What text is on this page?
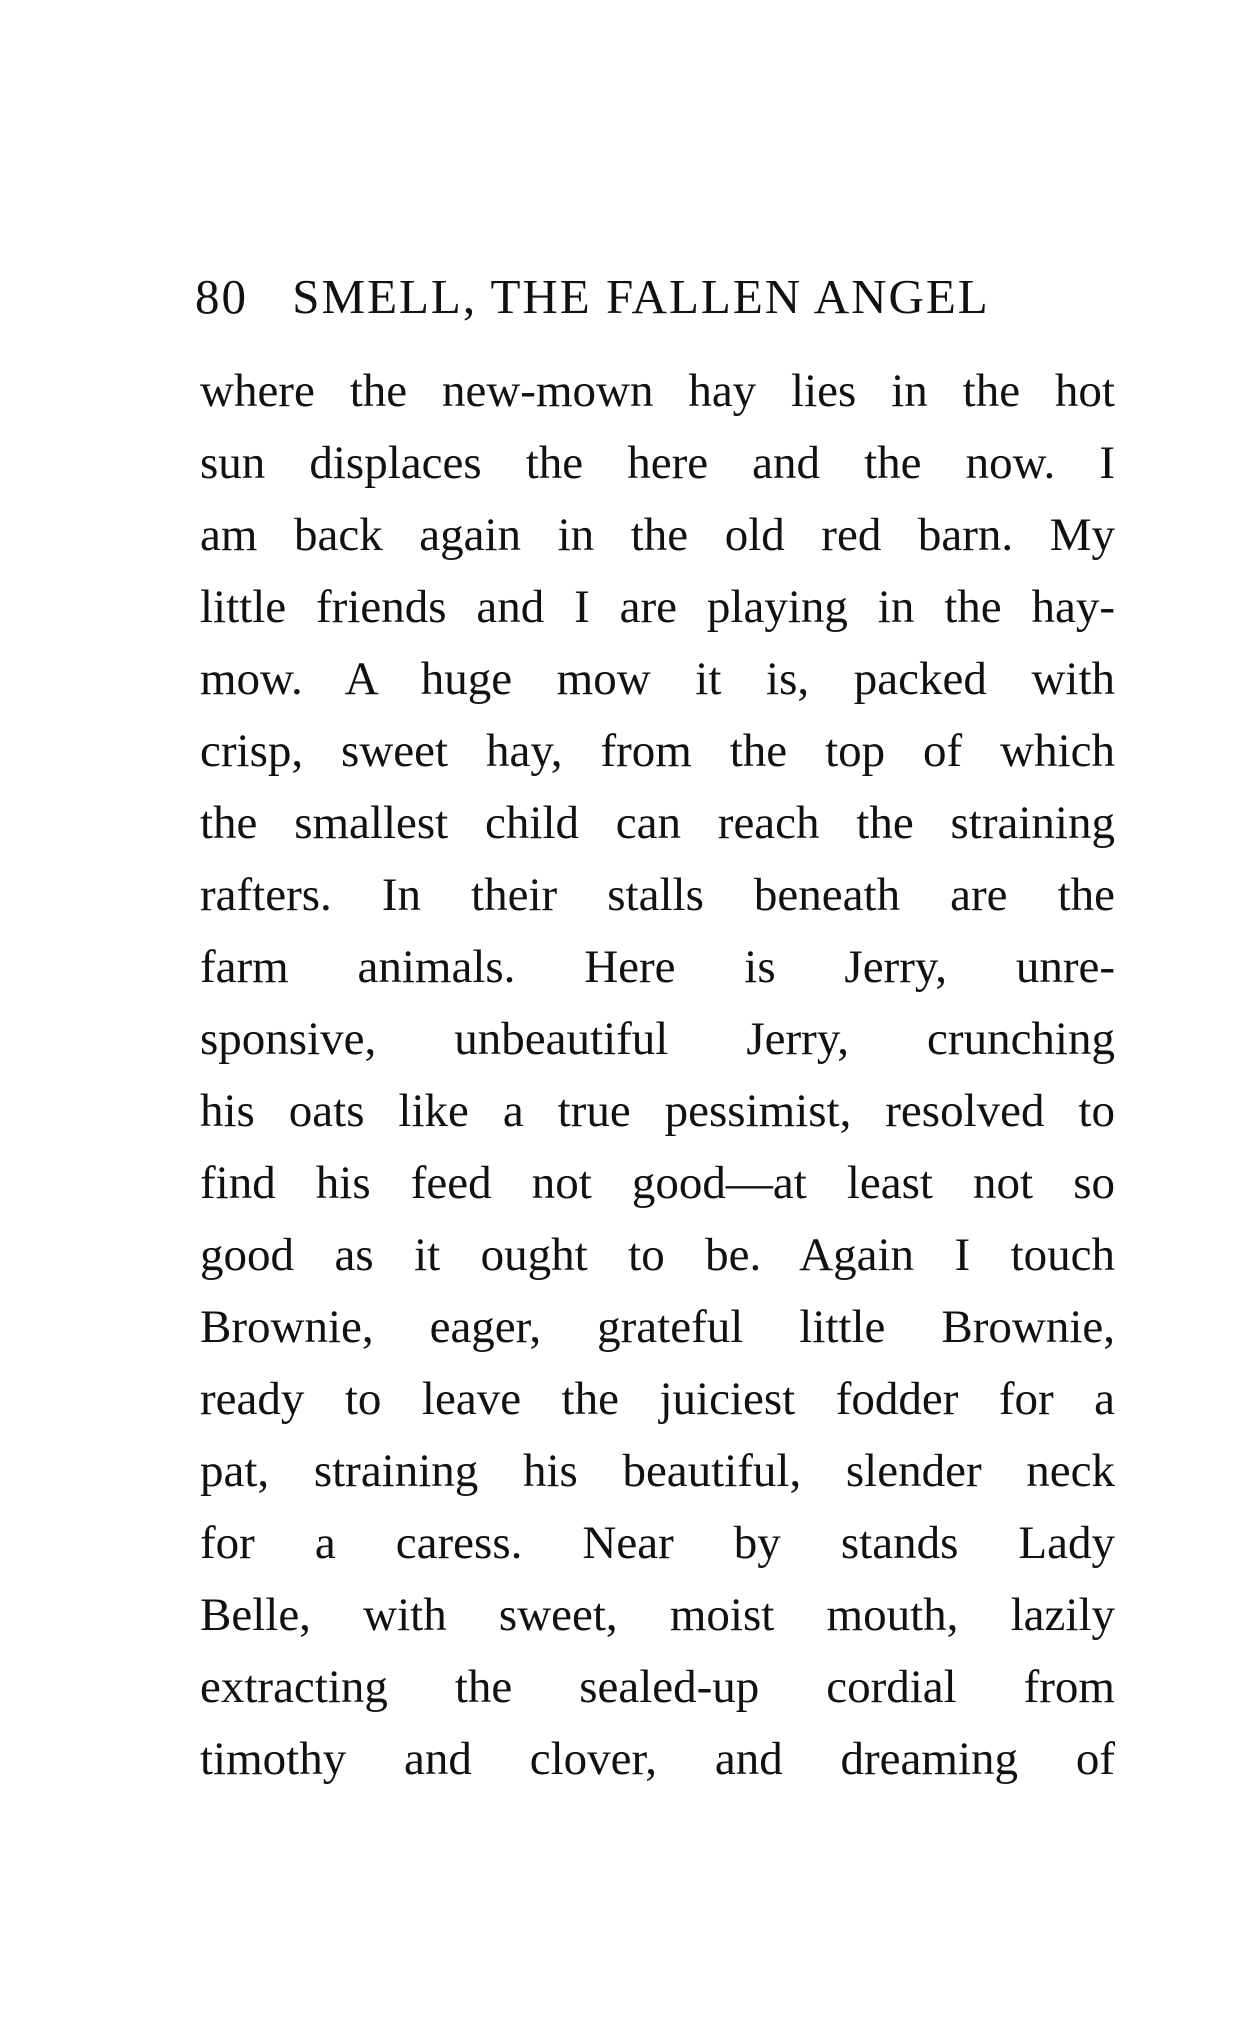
80 SMELL, THE FALLEN ANGEL
where the new-mown hay lies in the hot
sun displaces the here and the now. I
am back again in the old red barn. My
little friends and I are playing in the hay-
mow. A huge mow it is, packed with
crisp, sweet hay, from the top of which
the smallest child can reach the straining
rafters. In their stalls beneath are the
farm animals. Here is Jerry, unre-
sponsive, unbeautiful Jerry, crunching
his oats like a true pessimist, resolved to
find his feed not good—at least not so
good as it ought to be. Again I touch
Brownie, eager, grateful little Brownie,
ready to leave the juiciest fodder for a
pat, straining his beautiful, slender neck
for a caress. Near by stands Lady
Belle, with sweet, moist mouth, lazily
extracting the sealed-up cordial from
timothy and clover, and dreaming of
